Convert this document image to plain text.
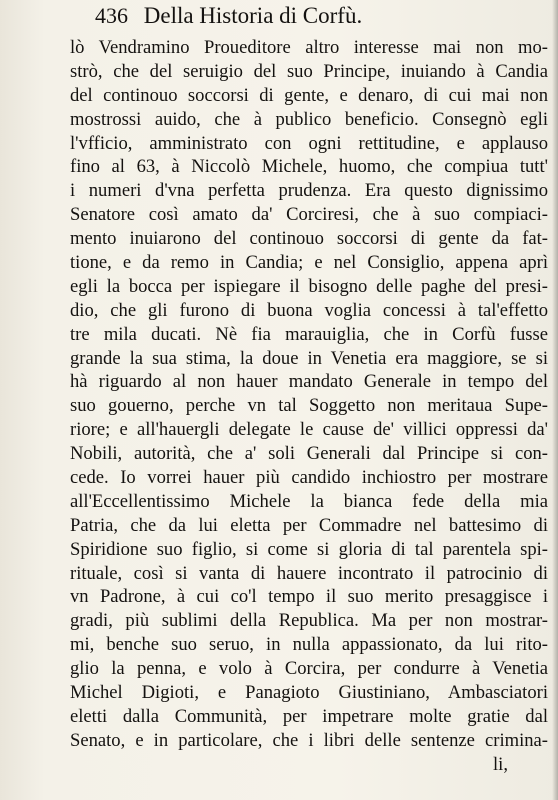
436 Della Historia di Corfù.
lò Vendramino Proueditore altro interesse mai non mo-
strò, che del seruigio del suo Principe, inuiando à Candia
del continouo soccorsi di gente, e denaro, di cui mai non
mostrossi auido, che à publico beneficio. Consegnò egli
l'vfficio, amministrato con ogni rettitudine, e applauso
fino al 63, à Niccolò Michele, huomo, che compiua tutt'
i numeri d'vna perfetta prudenza. Era questo dignissimo
Senatore così amato da' Corciresi, che à suo compiaci-
mento inuiarono del continouo soccorsi di gente da fat-
tione, e da remo in Candia; e nel Consiglio, appena aprì
egli la bocca per ispiegare il bisogno delle paghe del presi-
dio, che gli furono di buona voglia concessi à tal'effetto
tre mila ducati. Nè fia marauiglia, che in Corfù fusse
grande la sua stima, la doue in Venetia era maggiore, se si
hà riguardo al non hauer mandato Generale in tempo del
suo gouerno, perche vn tal Soggetto non meritaua Supe-
riore; e all'hauergli delegate le cause de' villici oppressi da'
Nobili, autorità, che a' soli Generali dal Principe si con-
cede. Io vorrei hauer più candido inchiostro per mostrare
all'Eccellentissimo Michele la bianca fede della mia
Patria, che da lui eletta per Commadre nel battesimo di
Spiridione suo figlio, si come si gloria di tal parentela spi-
rituale, così si vanta di hauere incontrato il patrocinio di
vn Padrone, à cui co'l tempo il suo merito presaggisce i
gradi, più sublimi della Republica. Ma per non mostrar-
mi, benche suo seruo, in nulla appassionato, da lui rito-
glio la penna, e volo à Corcira, per condurre à Venetia
Michel Digioti, e Panagioto Giustiniano, Ambasciatori
eletti dalla Communità, per impetrare molte gratie dal
Senato, e in particolare, che i libri delle sentenze crimina-
li,
